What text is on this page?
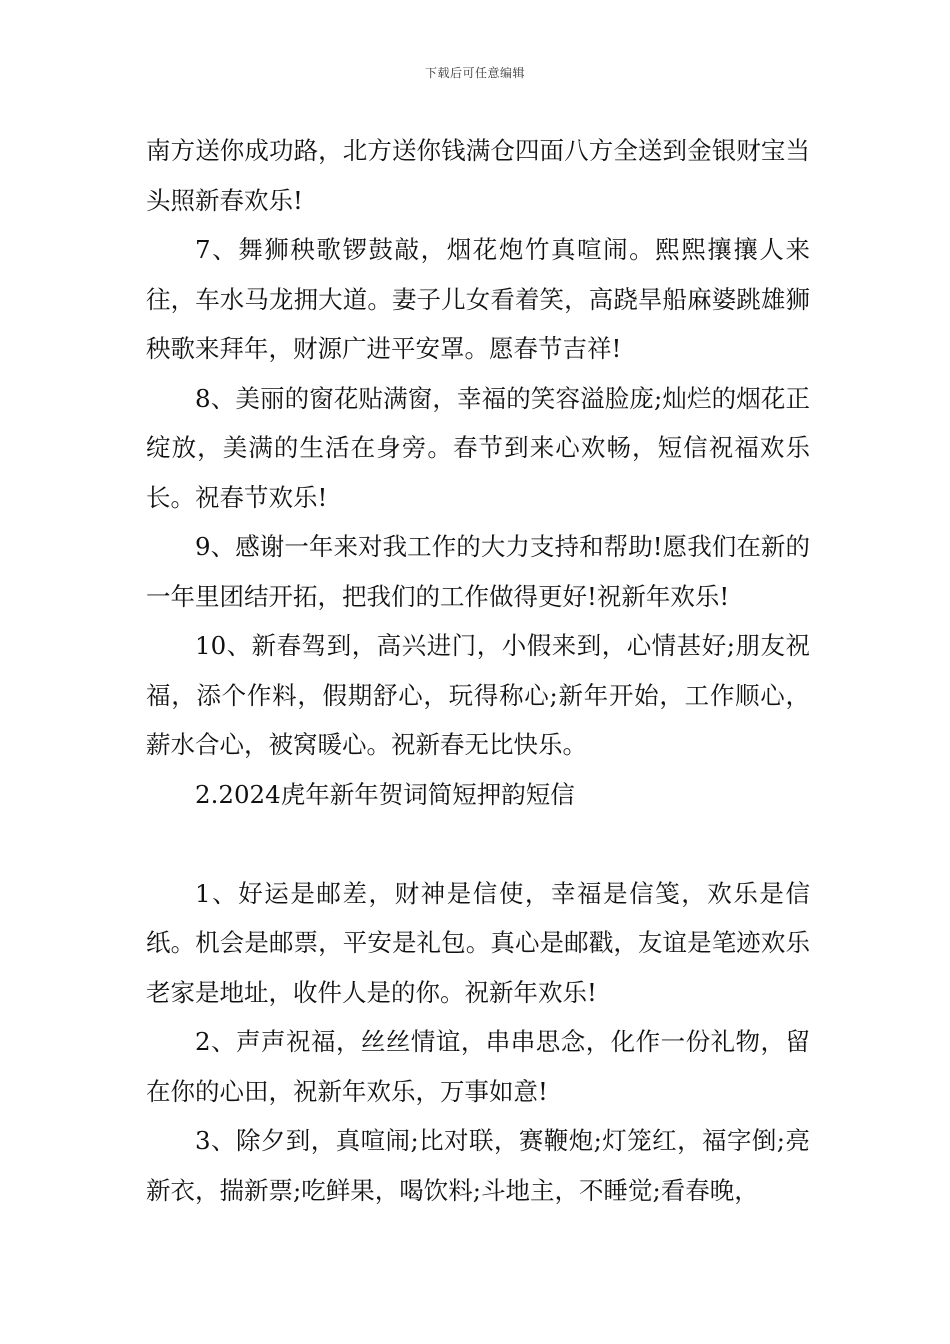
下载后可任意编辑

南方送你成功路，北方送你钱满仓四面八方全送到金银财宝当头照新春欢乐!

7、舞狮秧歌锣鼓敲，烟花炮竹真喧闹。熙熙攘攘人来往，车水马龙拥大道。妻子儿女看着笑，高跷旱船麻婆跳雄狮秧歌来拜年，财源广进平安罩。愿春节吉祥!

8、美丽的窗花贴满窗，幸福的笑容溢脸庞;灿烂的烟花正绽放，美满的生活在身旁。春节到来心欢畅，短信祝福欢乐长。祝春节欢乐!

9、感谢一年来对我工作的大力支持和帮助!愿我们在新的一年里团结开拓，把我们的工作做得更好!祝新年欢乐!

10、新春驾到，高兴进门，小假来到，心情甚好;朋友祝福，添个作料，假期舒心，玩得称心;新年开始，工作顺心，薪水合心，被窝暖心。祝新春无比快乐。

2.2024虎年新年贺词简短押韵短信

1、好运是邮差，财神是信使，幸福是信笺，欢乐是信纸。机会是邮票，平安是礼包。真心是邮戳，友谊是笔迹欢乐老家是地址，收件人是的你。祝新年欢乐!

2、声声祝福，丝丝情谊，串串思念，化作一份礼物，留在你的心田，祝新年欢乐，万事如意!

3、除夕到，真喧闹;比对联，赛鞭炮;灯笼红，福字倒;亮新衣，揣新票;吃鲜果，喝饮料;斗地主，不睡觉;看春晚，
